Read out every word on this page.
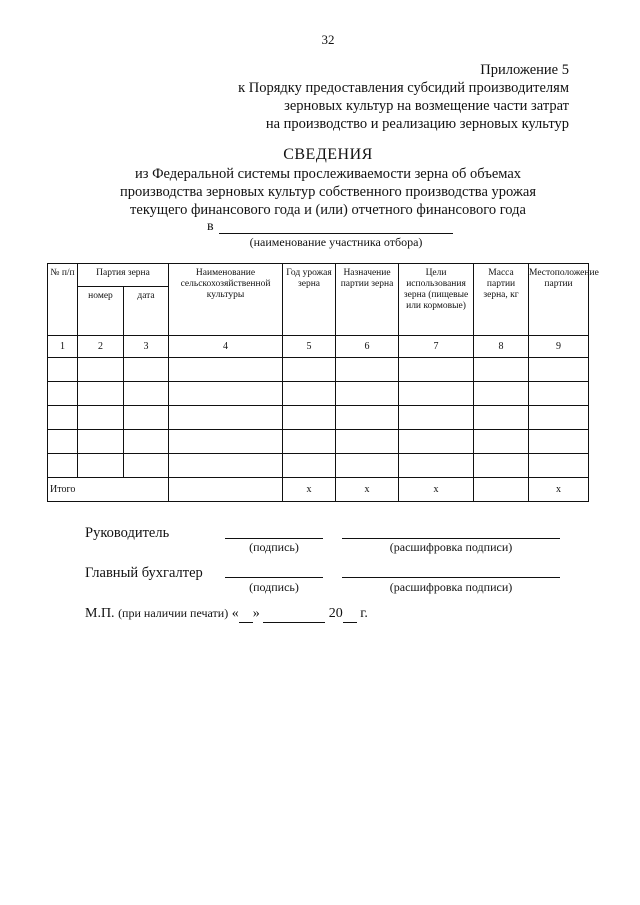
32
Приложение 5
к Порядку предоставления субсидий производителям
зерновых культур на возмещение части затрат
на производство и реализацию зерновых культур
СВЕДЕНИЯ
из Федеральной системы прослеживаемости зерна об объемах
производства зерновых культур собственного производства урожая
текущего финансового года и (или) отчетного финансового года
в
(наименование участника отбора)
№ п/п	Партия зерна		Наименование сельскохозяйственной культуры	Год урожая зерна	Назначение партии зерна	Цели использования зерна (пищевые или кормовые)	Масса партии зерна, кг	Местоположение партии
	номер	дата						
1	2	3	4	5	6	7	8	9

Итого				x	x	x		x
Руководитель
(подпись)	(расшифровка подписи)
Главный бухгалтер
(подпись)	(расшифровка подписи)
М.П. (при наличии печати) « »	20 г.
